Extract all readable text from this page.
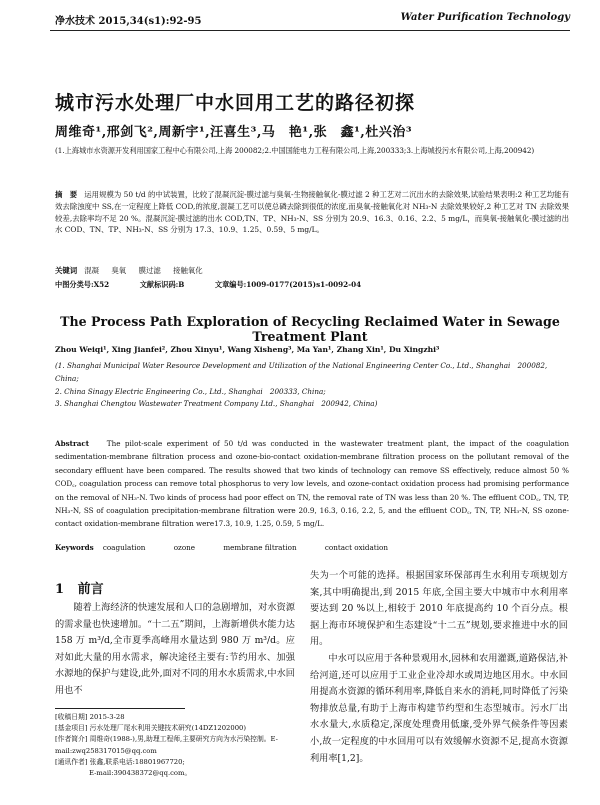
净水技术 2015,34(s1):92-95	Water Purification Technology
城市污水处理厂中水回用工艺的路径初探
周维奇¹,邢剑飞²,周新宇¹,汪喜生³,马　艳¹,张　鑫¹,杜兴治³
(1.上海城市水资源开发利用国家工程中心有限公司,上海 200082;2.中国国能电力工程有限公司,上海,200333;3.上海城投污水有限公司,上海,200942)
摘　要 运用规模为 50 t/d 的中试装置，比较了混凝沉淀-膜过滤与臭氧-生物接触氧化-膜过滤 2 种工艺对二沉出水的去除效果,试验结果表明:2 种工艺均能有效去除浊度中 SS,在一定程度上降低 COD,的浓度,混凝工艺可以使总磷去除到很低的浓度,而臭氧-接触氧化对 NH₃-N 去除效果较好,2 种工艺对 TN 去除效果较差,去除率均不足 20 %。混凝沉淀-膜过滤的出水 COD,TN、TP、NH₃-N、SS 分别为 20.9、16.3、0.16、2.2、5 mg/L，而臭氧-接触氧化-膜过滤的出水 COD、TN、TP、NH₃-N、SS 分别为 17.3、10.9、1.25、0.59、5 mg/L。
关键词 混凝 臭氧 膜过滤 接触氧化
中图分类号:X52	文献标识码:B	文章编号:1009-0177(2015)s1-0092-04
The Process Path Exploration of Recycling Reclaimed Water in Sewage Treatment Plant
Zhou Weiqi¹, Xing Jianfei², Zhou Xinyu¹, Wang Xisheng³, Ma Yan¹, Zhang Xin¹, Du Xingzhi³
(1. Shanghai Municipal Water Resource Development and Utilization of the National Engineering Center Co., Ltd., Shanghai　200082, China;
2. China Sinagy Electric Engineering Co., Ltd., Shanghai　200333, China;
3. Shanghai Chengtou Wastewater Treatment Company Ltd., Shanghai　200942, China)
Abstract The pilot-scale experiment of 50 t/d was conducted in the wastewater treatment plant, the impact of the coagulation sedimentation-membrane filtration process and ozone-bio-contact oxidation-membrane filtration process on the pollutant removal of the secondary effluent have been compared. The results showed that two kinds of technology can remove SS effectively, reduce almost 50 % COD꜀, coagulation process can remove total phosphorus to very low levels, and ozone-contact oxidation process had promising performance on the removal of NH₃-N. Two kinds of process had poor effect on TN, the removal rate of TN was less than 20 %. The effluent COD꜀, TN, TP, NH₃-N, SS of coagulation precipitation-membrane filtration were 20.9, 16.3, 0.16, 2.2, 5, and the effluent COD꜀, TN, TP, NH₃-N, SS ozone-contact oxidation-membrane filtration were17.3, 10.9, 1.25, 0.59, 5 mg/L.
Keywords coagulation	ozone	membrane filtration	contact oxidation
1 前言
随着上海经济的快速发展和人口的急剧增加，对水资源的需求量也快速增加。“十二五”期间，上海新增供水能力达 158 万 m³/d,全市夏季高峰用水量达到 980 万 m³/d。应对如此大量的用水需求，解决途径主要有:节约用水、加强水源地的保护与建设,此外,面对不同的用水水质需求,中水回用也不

失为一个可能的选择。根据国家环保部再生水利用专项规划方案,其中明确提出,到 2015 年底,全国主要大中城市中水利用率要达到 20 %以上,相较于 2010 年底提高约 10 个百分点。根据上海市环境保护和生态建设“十二五”规划,要求推进中水的回用。

中水可以应用于各种景观用水,园林和农用灌溉,道路保洁,补给河道,还可以应用于工业企业冷却水或周边地区用水。中水回用提高水资源的循环利用率,降低自来水的消耗,同时降低了污染物排放总量,有助于上海市构建节约型和生态型城市。污水厂出水水量大,水质稳定,深度处理费用低廉,受外界气候条件等因素小,故一定程度的中水回用可以有效缓解水资源不足,提高水资源利用率[1,2]。

[收稿日期] 2015-3-28
[基金项目] 污水处理厂尾水利用关键技术研究(14DZ1202000)
[作者简介] 周维奇(1988-),男,助理工程师,主要研究方向为水污染控制。E-mail:zwq258317015@qq.com
[通讯作者] 张鑫,联系电话:18801967720;
E-mail:390438372@qq.com。
